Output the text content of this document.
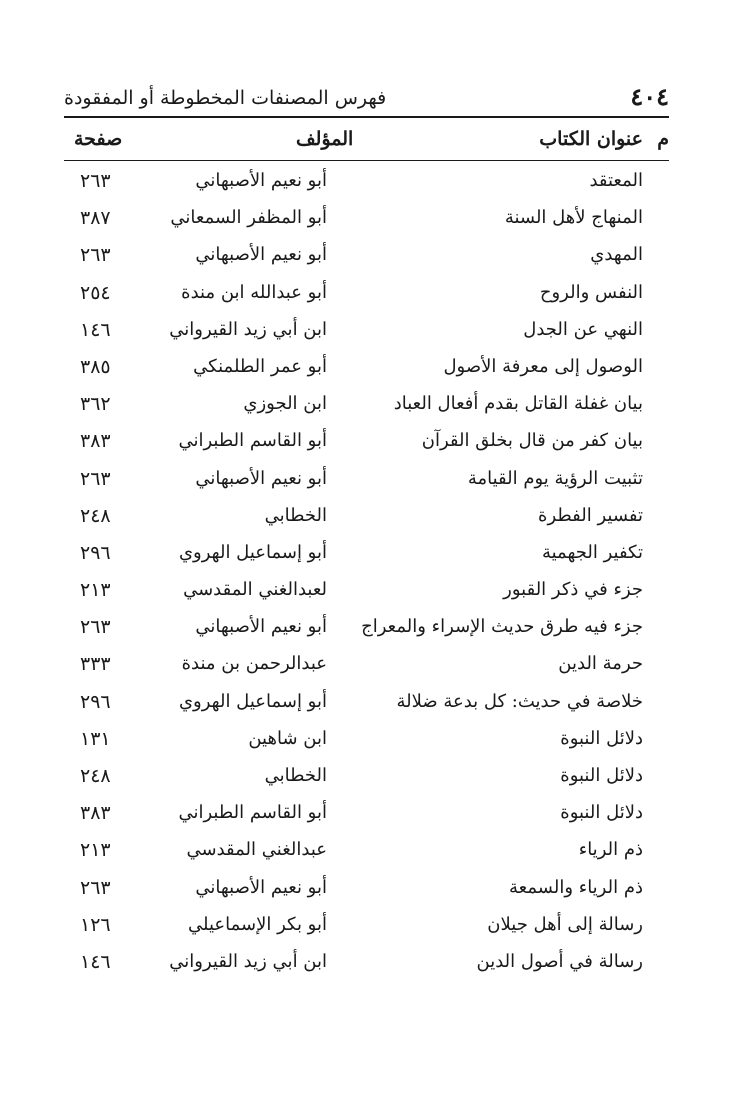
٤٠٤
فهرس المصنفات المخطوطة أو المفقودة
م
عنوان الكتاب
المؤلف
صفحة
المعتقد
أبو نعيم الأصبهاني
٢٦٣
المنهاج لأهل السنة
أبو المظفر السمعاني
٣٨٧
المهدي
أبو نعيم الأصبهاني
٢٦٣
النفس والروح
أبو عبدالله ابن مندة
٢٥٤
النهي عن الجدل
ابن أبي زيد القيرواني
١٤٦
الوصول إلى معرفة الأصول
أبو عمر الطلمنكي
٣٨٥
بيان غفلة القاتل بقدم أفعال العباد
ابن الجوزي
٣٦٢
بيان كفر من قال بخلق القرآن
أبو القاسم الطبراني
٣٨٣
تثبيت الرؤية يوم القيامة
أبو نعيم الأصبهاني
٢٦٣
تفسير الفطرة
الخطابي
٢٤٨
تكفير الجهمية
أبو إسماعيل الهروي
٢٩٦
جزء في ذكر القبور
لعبدالغني المقدسي
٢١٣
جزء فيه طرق حديث الإسراء والمعراج
أبو نعيم الأصبهاني
٢٦٣
حرمة الدين
عبدالرحمن بن مندة
٣٣٣
خلاصة في حديث: كل بدعة ضلالة
أبو إسماعيل الهروي
٢٩٦
دلائل النبوة
ابن شاهين
١٣١
دلائل النبوة
الخطابي
٢٤٨
دلائل النبوة
أبو القاسم الطبراني
٣٨٣
ذم الرياء
عبدالغني المقدسي
٢١٣
ذم الرياء والسمعة
أبو نعيم الأصبهاني
٢٦٣
رسالة إلى أهل جيلان
أبو بكر الإسماعيلي
١٢٦
رسالة في أصول الدين
ابن أبي زيد القيرواني
١٤٦
